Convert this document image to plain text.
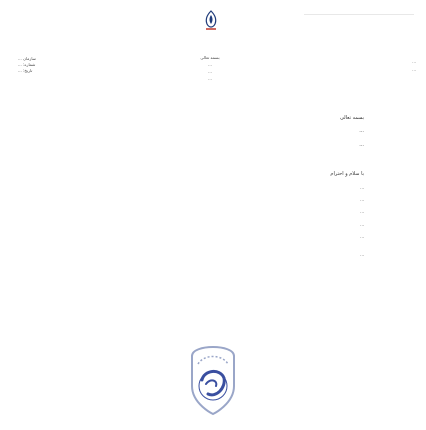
سازمان ...
شماره: ...
تاریخ: ...
بسمه تعالی
...
...
...
...
...
بسمه تعالی
...
...
با سلام و احترام
...
...
...
...
...
...
